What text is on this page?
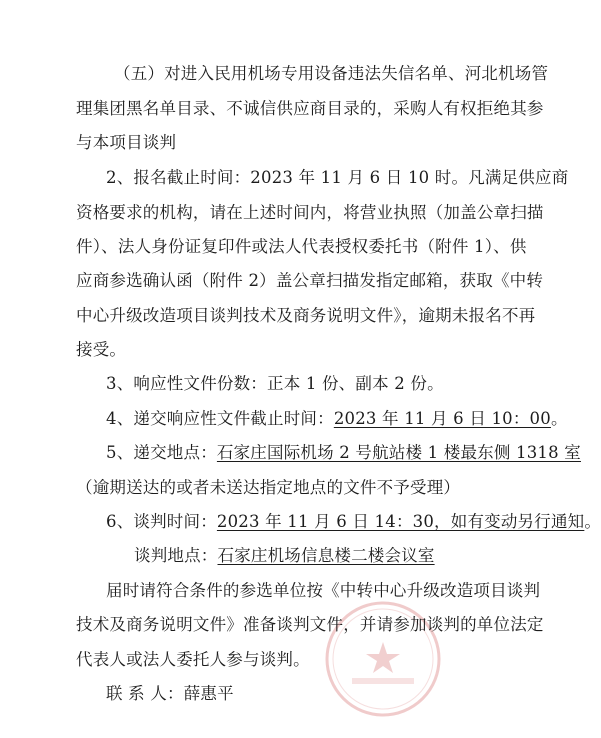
（五）对进入民用机场专用设备违法失信名单、河北机场管
理集团黑名单目录、不诚信供应商目录的，采购人有权拒绝其参
与本项目谈判
2、报名截止时间：2023 年 11 月 6 日 10 时。凡满足供应商
资格要求的机构，请在上述时间内，将营业执照（加盖公章扫描
件）、法人身份证复印件或法人代表授权委托书（附件 1）、供
应商参选确认函（附件 2）盖公章扫描发指定邮箱，获取《中转
中心升级改造项目谈判技术及商务说明文件》，逾期未报名不再
接受。
3、响应性文件份数：正本 1 份、副本 2 份。
4、递交响应性文件截止时间：2023 年 11 月 6 日 10：00。
5、递交地点：石家庄国际机场 2 号航站楼 1 楼最东侧 1318 室
（逾期送达的或者未送达指定地点的文件不予受理）
6、谈判时间：2023 年 11 月 6 日 14：30，如有变动另行通知。
谈判地点：石家庄机场信息楼二楼会议室
届时请符合条件的参选单位按《中转中心升级改造项目谈判
技术及商务说明文件》准备谈判文件，并请参加谈判的单位法定
代表人或法人委托人参与谈判。
联 系 人：薛惠平
